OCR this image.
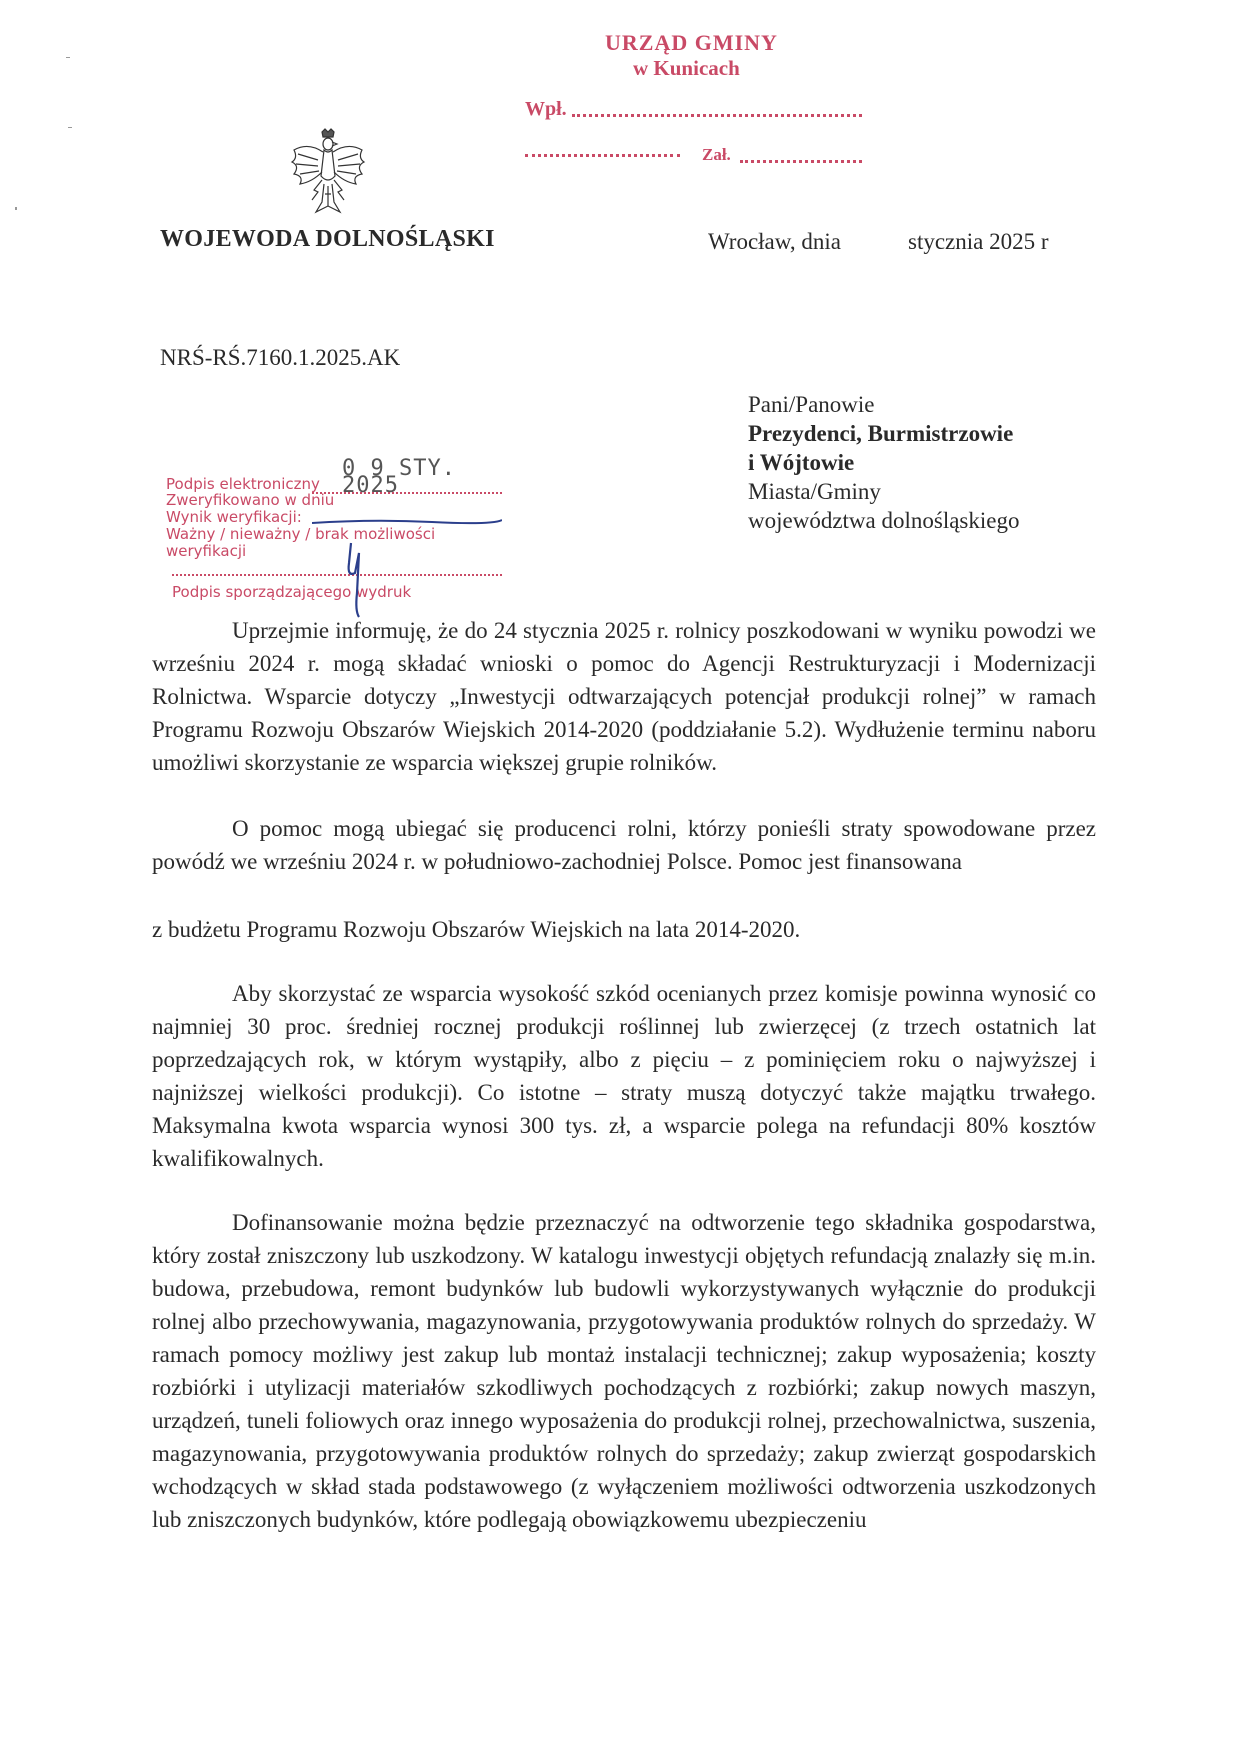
URZĄD GMINY
w Kunicach
Wpł.
Zał.
WOJEWODA DOLNOŚLĄSKI	Wrocław, dnia	stycznia 2025 r
NRŚ-RŚ.7160.1.2025.AK
Pani/Panowie
Prezydenci, Burmistrzowie
i Wójtowie
Miasta/Gminy
województwa dolnośląskiego
0 9 STY. 2025
Podpis elektroniczny
Zweryfikowano w dniu
Wynik weryfikacji:
Ważny / nieważny / brak możliwości weryfikacji
Podpis sporządzającego wydruk
Uprzejmie informuję, że do 24 stycznia 2025 r. rolnicy poszkodowani w wyniku powodzi we wrześniu 2024 r. mogą składać wnioski o pomoc do Agencji Restrukturyzacji i Modernizacji Rolnictwa. Wsparcie dotyczy „Inwestycji odtwarzających potencjał produkcji rolnej” w ramach Programu Rozwoju Obszarów Wiejskich 2014-2020 (poddziałanie 5.2). Wydłużenie terminu naboru umożliwi skorzystanie ze wsparcia większej grupie rolników.
O pomoc mogą ubiegać się producenci rolni, którzy ponieśli straty spowodowane przez powódź we wrześniu 2024 r. w południowo-zachodniej Polsce. Pomoc jest finansowana
z budżetu Programu Rozwoju Obszarów Wiejskich na lata 2014-2020.
Aby skorzystać ze wsparcia wysokość szkód ocenianych przez komisje powinna wynosić co najmniej 30 proc. średniej rocznej produkcji roślinnej lub zwierzęcej (z trzech ostatnich lat poprzedzających rok, w którym wystąpiły, albo z pięciu – z pominięciem roku o najwyższej i najniższej wielkości produkcji). Co istotne – straty muszą dotyczyć także majątku trwałego. Maksymalna kwota wsparcia wynosi 300 tys. zł, a wsparcie polega na refundacji 80% kosztów kwalifikowalnych.
Dofinansowanie można będzie przeznaczyć na odtworzenie tego składnika gospodarstwa, który został zniszczony lub uszkodzony. W katalogu inwestycji objętych refundacją znalazły się m.in. budowa, przebudowa, remont budynków lub budowli wykorzystywanych wyłącznie do produkcji rolnej albo przechowywania, magazynowania, przygotowywania produktów rolnych do sprzedaży. W ramach pomocy możliwy jest zakup lub montaż instalacji technicznej; zakup wyposażenia; koszty rozbiórki i utylizacji materiałów szkodliwych pochodzących z rozbiórki; zakup nowych maszyn, urządzeń, tuneli foliowych oraz innego wyposażenia do produkcji rolnej, przechowalnictwa, suszenia, magazynowania, przygotowywania produktów rolnych do sprzedaży; zakup zwierząt gospodarskich wchodzących w skład stada podstawowego (z wyłączeniem możliwości odtworzenia uszkodzonych lub zniszczonych budynków, które podlegają obowiązkowemu ubezpieczeniu
